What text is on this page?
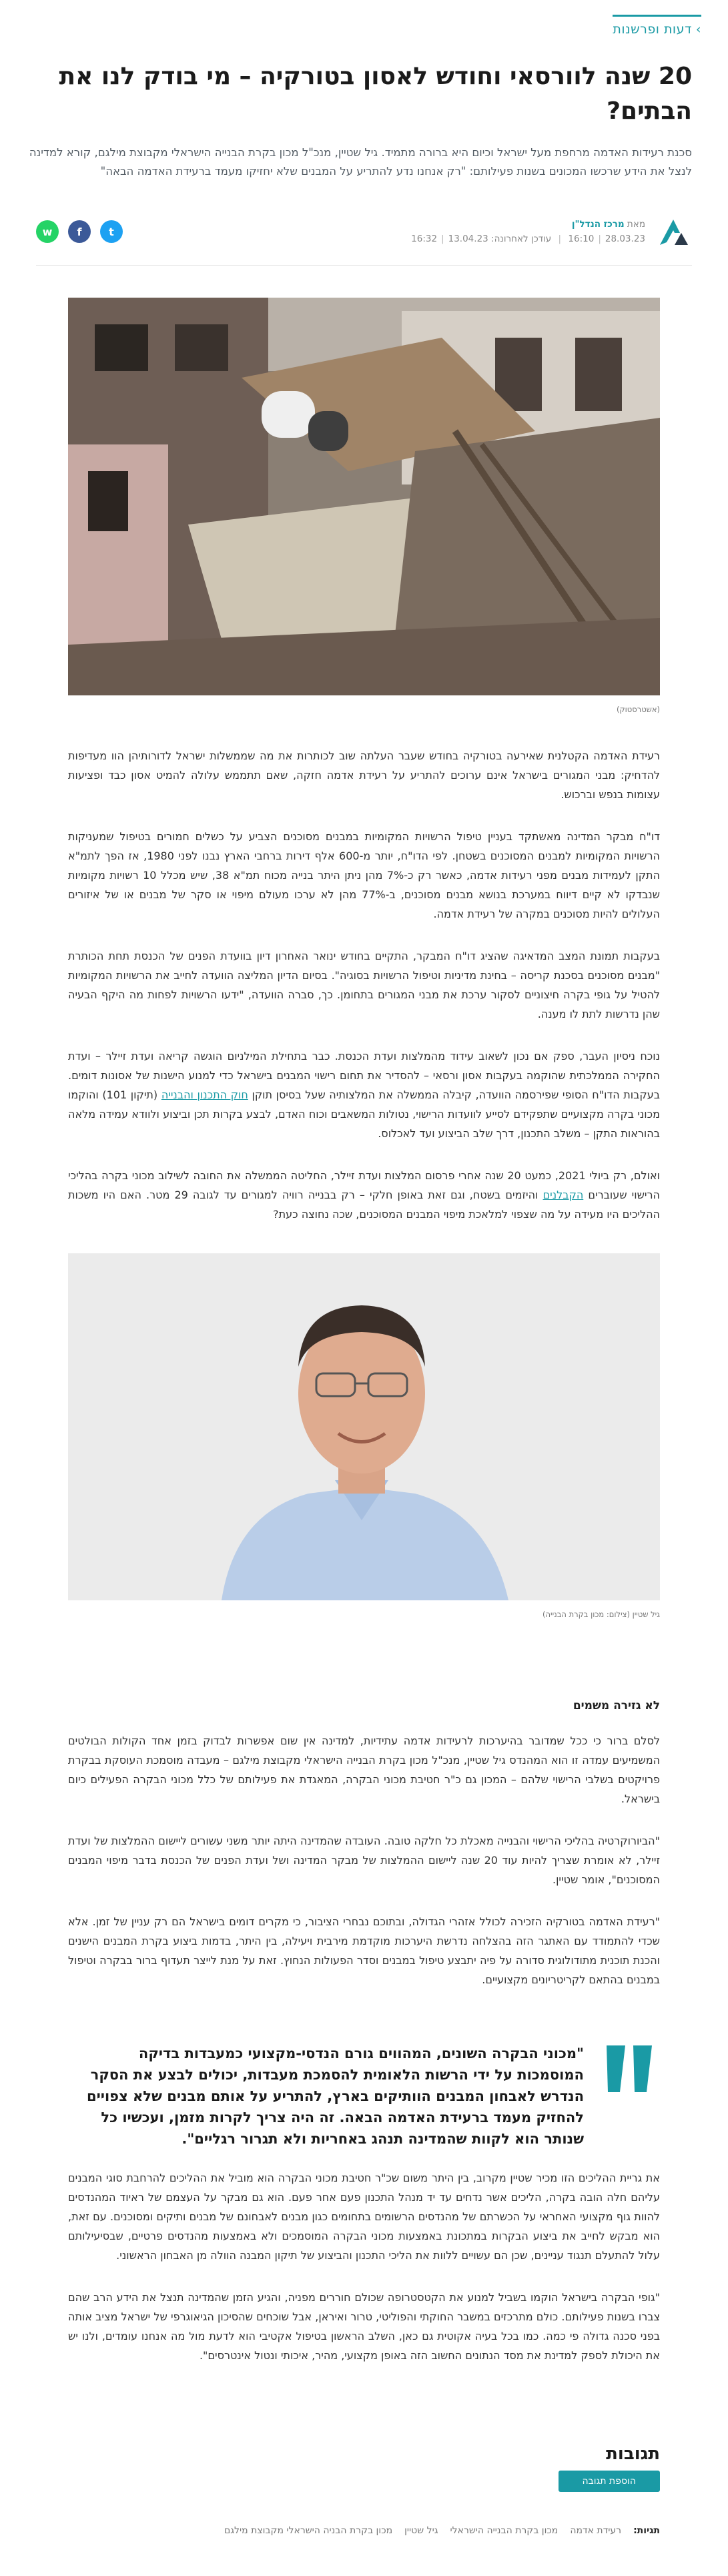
›דעות ופרשנות
20 שנה לוורסאי וחודש לאסון בטורקיה – מי בודק לנו את הבתים?
סכנת רעידות האדמה מרחפת מעל ישראל וכיום היא ברורה מתמיד. גיל שטיין, מנכ"ל מכון בקרת הבנייה הישראלי מקבוצת מילגם, קורא למדינה לנצל את הידע שרכשו המכונים בשנות פעילותם: "רק אנחנו נדע להתריע על המבנים שלא יחזיקו מעמד ברעידת האדמה הבאה"
מאת מרכז הנדל"ן
28.03.23|16:10 | עודכן לאחרונה: 13.04.23|16:32
t
f
w
(אשטרסטוק)

רעידת האדמה הקטלנית שאירעה בטורקיה בחודש שעבר העלתה שוב לכותרות את מה שממשלות ישראל לדורותיהן הוו מעדיפות להדחיק: מבני המגורים בישראל אינם ערוכים להתריע על רעידת אדמה חזקה, שאם תתממש עלולה להמיט אסון כבד ופציעות עצומות בנפש וברכוש.

דו"ח מבקר המדינה מאשתקד בעניין טיפול הרשויות המקומיות במבנים מסוכנים הצביע על כשלים חמורים בטיפול שמעניקות הרשויות המקומיות למבנים המסוכנים בשטחן. לפי הדו"ח, יותר מ-600 אלף דירות ברחבי הארץ נבנו לפני 1980, אז הפך לתמ"א התקן לעמידות מבנים מפני רעידות אדמה, כאשר רק כ-7% מהן ניתן היתר בנייה מכוח תמ"א 38, שיש מכלל 10 רשויות מקומיות שנבדקו לא קיים דיווח במערכת בנושא מבנים מסוכנים, ב-77% מהן לא ערכו מעולם מיפוי או סקר של מבנים או של איזורים העלולים להיות מסוכנים במקרה של רעידת אדמה.

בעקבות תמונת המצב המדאיגה שהציג דו"ח המבקר, התקיים בחודש ינואר האחרון דיון בוועדת הפנים של הכנסת תחת הכותרת "מבנים מסוכנים בסכנת קריסה – בחינת מדיניות וטיפול הרשויות בסוגיה". בסיום הדיון המליצה הוועדה לחייב את הרשויות המקומיות להטיל על גופי בקרה חיצוניים לסקור ערכת את מבני המגורים בתחומן. כך, סברה הוועדה, "ידעו הרשויות לפחות מה היקף הבעיה שהן נדרשות לתת לו מענה.

נוכח ניסיון העבר, ספק אם נכון לשאוב עידוד מהמלצות ועדת הכנסת. כבר בתחילת המילניום הוגשה קריאה ועדת זיילר – ועדת החקירה הממלכתית שהוקמה בעקבות אסון ורסאי – להסדיר את תחום רישוי המבנים בישראל כדי למנוע הישנות של אסונות דומים. בעקבות הדו"ח הסופי שפירסמה הוועדה, קיבלה הממשלה את המלצותיה שעל בסיסן תוקן חוק התכנון והבנייה (תיקון 101) והוקמו מכוני בקרה מקצועיים שתפקידם לסייע לוועדות הרישוי, נטולות המשאבים וכוח האדם, לבצע בקרות תכן וביצוע ולוודא עמידה מלאה בהוראות התקן – משלב התכנון, דרך שלב הביצוע ועד לאכלוס.

ואולם, רק ביולי 2021, כמעט 20 שנה אחרי פרסום המלצות ועדת זיילר, החליטה הממשלה את החובה לשילוב מכוני בקרה בהליכי הרישוי שעוברים הקבלנים והיזמים בשטח, וגם זאת באופן חלקי – רק בבנייה רוויה למגורים עד לגובה 29 מטר. האם היו משכות ההליכים היו מעידה על מה שצפוי למלאכת מיפוי המבנים המסוכנים, שכה נחוצה כעת?

גיל שטיין (צילום: מכון בקרת הבנייה)
לא גזירה משמים

לסלם ברור כי ככל שמדובר בהיערכות לרעידות אדמה עתידיות, למדינה אין שום אפשרות לבדוק בזמן אחד הקולות הבולטים המשמיעים עמדה זו הוא המהנדס גיל שטיין, מנכ"ל מכון בקרת הבנייה הישראלי מקבוצת מילגם – מעבדה מוסמכת העוסקת בבקרת פרויקטים בשלבי הרישוי שלהם – המכון גם כ"ר חטיבת מכוני הבקרה, המאגדת את פעילותם של כלל מכוני הבקרה הפעילים כיום בישראל.

"הביורוקרטיה בהליכי הרישוי והבנייה מאכלת כל חלקה טובה. העובדה שהמדינה היתה יותר משני עשורים ליישום ההמלצות של ועדת זיילר, לא אומרת שצריך להיות עוד 20 שנה ליישום ההמלצות של מבקר המדינה ושל ועדת הפנים של הכנסת בדבר מיפוי המבנים המסוכנים", אומר שטיין.

"רעידת האדמה בטורקיה הזכירה לכולל אזהרי הגדולה, ובתוכם נבחרי הציבור, כי מקרים דומים בישראל הם רק עניין של זמן. אלא שכדי להתמודד עם האתגר הזה בהצלחה נדרשת היערכות מוקדמת מירבית ויעילה, בין היתר, בדמות ביצוע בקרת המבנים הישנים והכנת תוכנית מתודולוגית סדורה על פיה יתבצע טיפול במבנים וסדר הפעולות הנחוץ. זאת על מנת לייצר תעדוף ברור בבקרה וטיפול במבנים בהתאם לקריטריונים מקצועיים.

"מכוני הבקרה השונים, המהווים גורם הנדסי-מקצועי כמעבדות בדיקה המוסמכות על ידי הרשות הלאומית להסמכת מעבדות, יכולים לבצע את הסקר הנדרש לאבחון המבנים הוותיקים בארץ, להתריע על אותם מבנים שלא צפויים להחזיק מעמד ברעידת האדמה הבאה. זה היה צריך לקרות מזמן, ועכשיו כל שנותר הוא לקוות שהמדינה תנהג באחריות ולא תגרור רגליים".

את גריית ההליכים הזו מכיר שטיין מקרוב, בין היתר משום שכ"ר חטיבת מכוני הבקרה הוא מוביל את ההליכים להרחבת סוגי המבנים עליהם חלה הובה בקרה, הליכים אשר נדחים עד יד מנהל התכנון פעם אחר פעם. הוא גם מבקר על העצמם של ראיוד המהנדסים להוות גוף מקצועי האחראי על הכשרתם של מהנדסים הרשומים בתחומים כגון מבנים לאבחונם של מבנים ותיקים ומסוכנים. עם זאת, הוא מבקש לחייב את ביצוע הבקרות במתכונת באמצעות מכוני הבקרה המוסמכים ולא באמצעות מהנדסים פרטיים, שבסיעילותם עלול להתעלם תנגוד עניינים, שכן הם עשויים ללוות את הליכי התכנון והביצוע של תיקון המבנה הוולה מן האבחון הראשוני.

"גופי הבקרה בישראל הוקמו בשביל למנוע את הקטסטרופה שכולם חוררים מפניה, והגיע הזמן שהמדינה תנצל את הידע הרב שהם צברו בשנות פעילותם. כולם מתרכזים במשבר החוקתי והפוליטי, טרור ואיראן, אבל שוכחים שהסיכון הגיאוגרפי של ישראל מציב אותה בפני סכנה גדולה פי כמה. כמו בכל בעיה אקוטית גם כאן, השלב הראשון בטיפול אקטיבי הוא לדעת מול מה אנחנו עומדים, ולנו יש את היכולת לספק למדינת את מסד הנתונים החשוב הזה באופן מקצועי, מהיר, איכותי ונטול אינטרסים".

תגובות
הוספת תגובה
תגיות:
רעידת אדמה
מכון בקרת הבנייה הישראלי
גיל שטיין
מכון בקרת הבניה הישראלי מקבוצת מילגם
